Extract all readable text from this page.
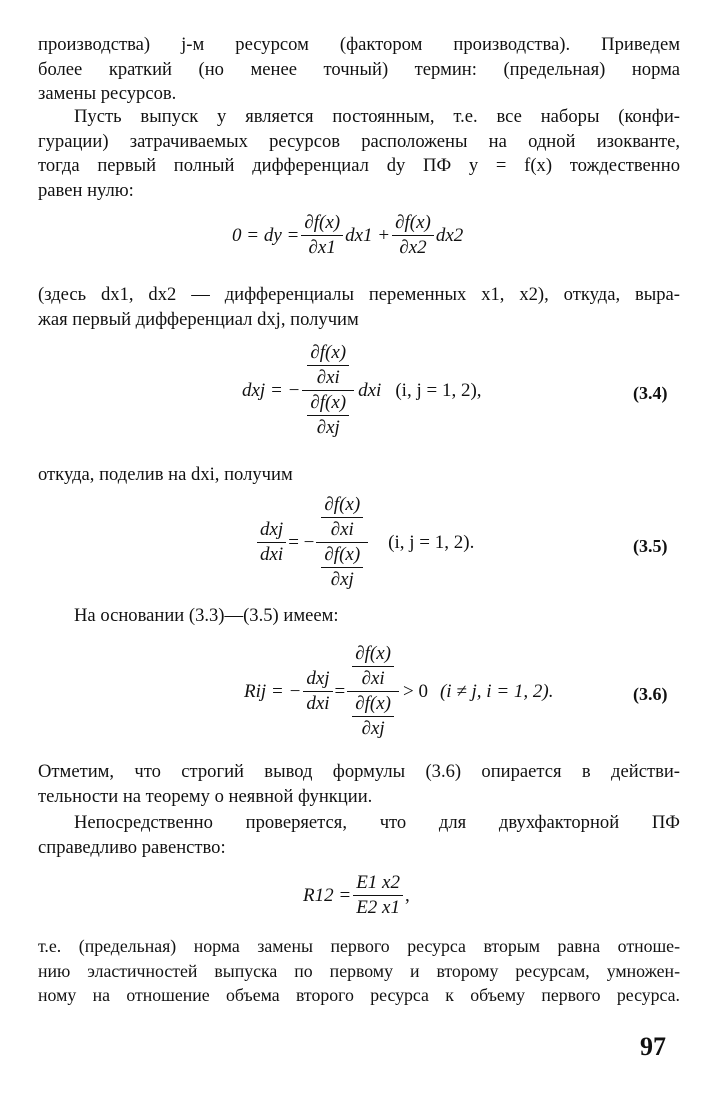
производства) j-м ресурсом (фактором производства). Приведем
более краткий (но менее точный) термин: (предельная) норма
замены ресурсов.

Пусть выпуск y является постоянным, т.е. все наборы (конфи-
гурации) затрачиваемых ресурсов расположены на одной изокванте,
тогда первый полный дифференциал dy ПФ y = f(x) тождественно
равен нулю:

0 = dy = $\frac{\partial f(x)}{\partial x1} dx1 + \frac{\partial f(x)}{\partial x2} dx2$

(здесь dx1, dx2 — дифференциалы переменных x1, x2), откуда, выра-
жая первый дифференциал dxj, получим

dxj = − $\frac{\frac{\partial f(x)}{\partial xi}}{\frac{\partial f(x)}{\partial xj}}$ dxi (i, j = 1, 2),	(3.4)

откуда, поделив на dxi, получим

$\frac{\text{dxj}}{\text{dxi}}$ = − $\frac{\frac{\partial f(x)}{\partial xi}}{\frac{\partial f(x)}{\partial xj}} (i$, j = 1, 2).	(3.5)

На основании (3.3)—(3.5) имеем:

Rij = − $\frac{\text{dxj}}{\text{dxi}} = \frac{\frac{\partial f(x)}{\partial xi}}{\frac{\partial f(x)}{\partial xj}} > 0$ (i ≠ j, i = 1, 2).	(3.6)

Отметим, что строгий вывод формулы (3.6) опирается в действи-
тельности на теорему о неявной функции.

Непосредственно проверяется, что для двухфакторной ПФ
справедливо равенство:

$R12 = \frac{E1 x2}{E2 x1}$ ,

т.е. (предельная) норма замены первого ресурса вторым равна отноше-
нию эластичностей выпуска по первому и второму ресурсам, умножен-
ному на отношение объема второго ресурса к объему первого ресурса.

97
